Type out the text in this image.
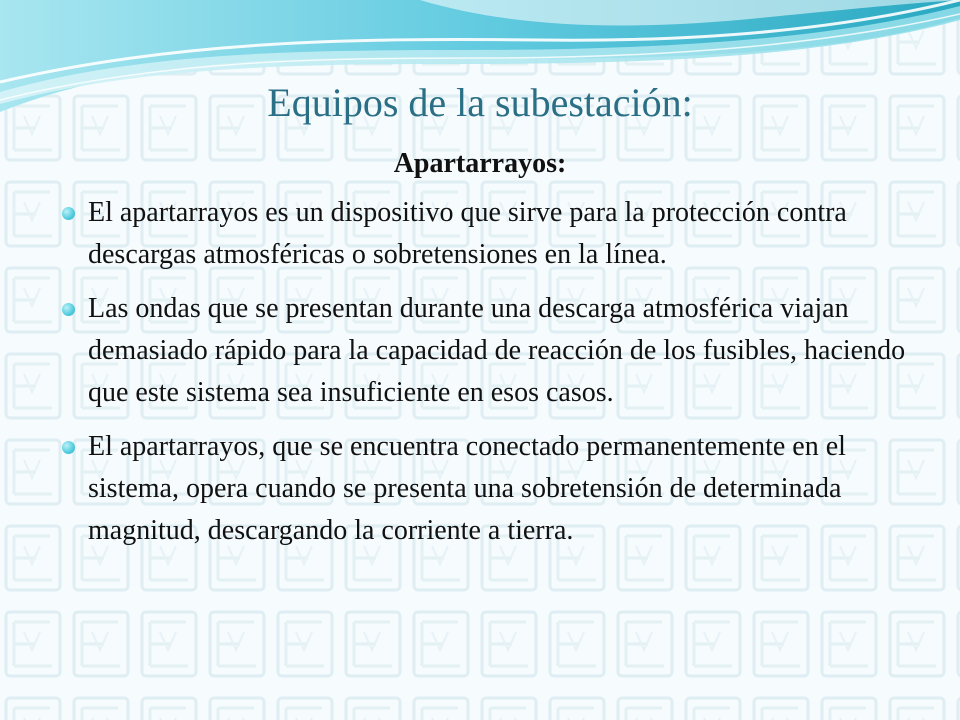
Equipos de la subestación:
Apartarrayos:
El apartarrayos es un dispositivo que sirve para la protección contra descargas atmosféricas o sobretensiones en la línea.
Las ondas que se presentan durante una descarga atmosférica viajan demasiado rápido para la capacidad de reacción de los fusibles, haciendo que este sistema sea insuficiente en esos casos.
El apartarrayos, que se encuentra conectado permanentemente en el sistema, opera cuando se presenta una sobretensión de determinada magnitud, descargando la corriente a tierra.
